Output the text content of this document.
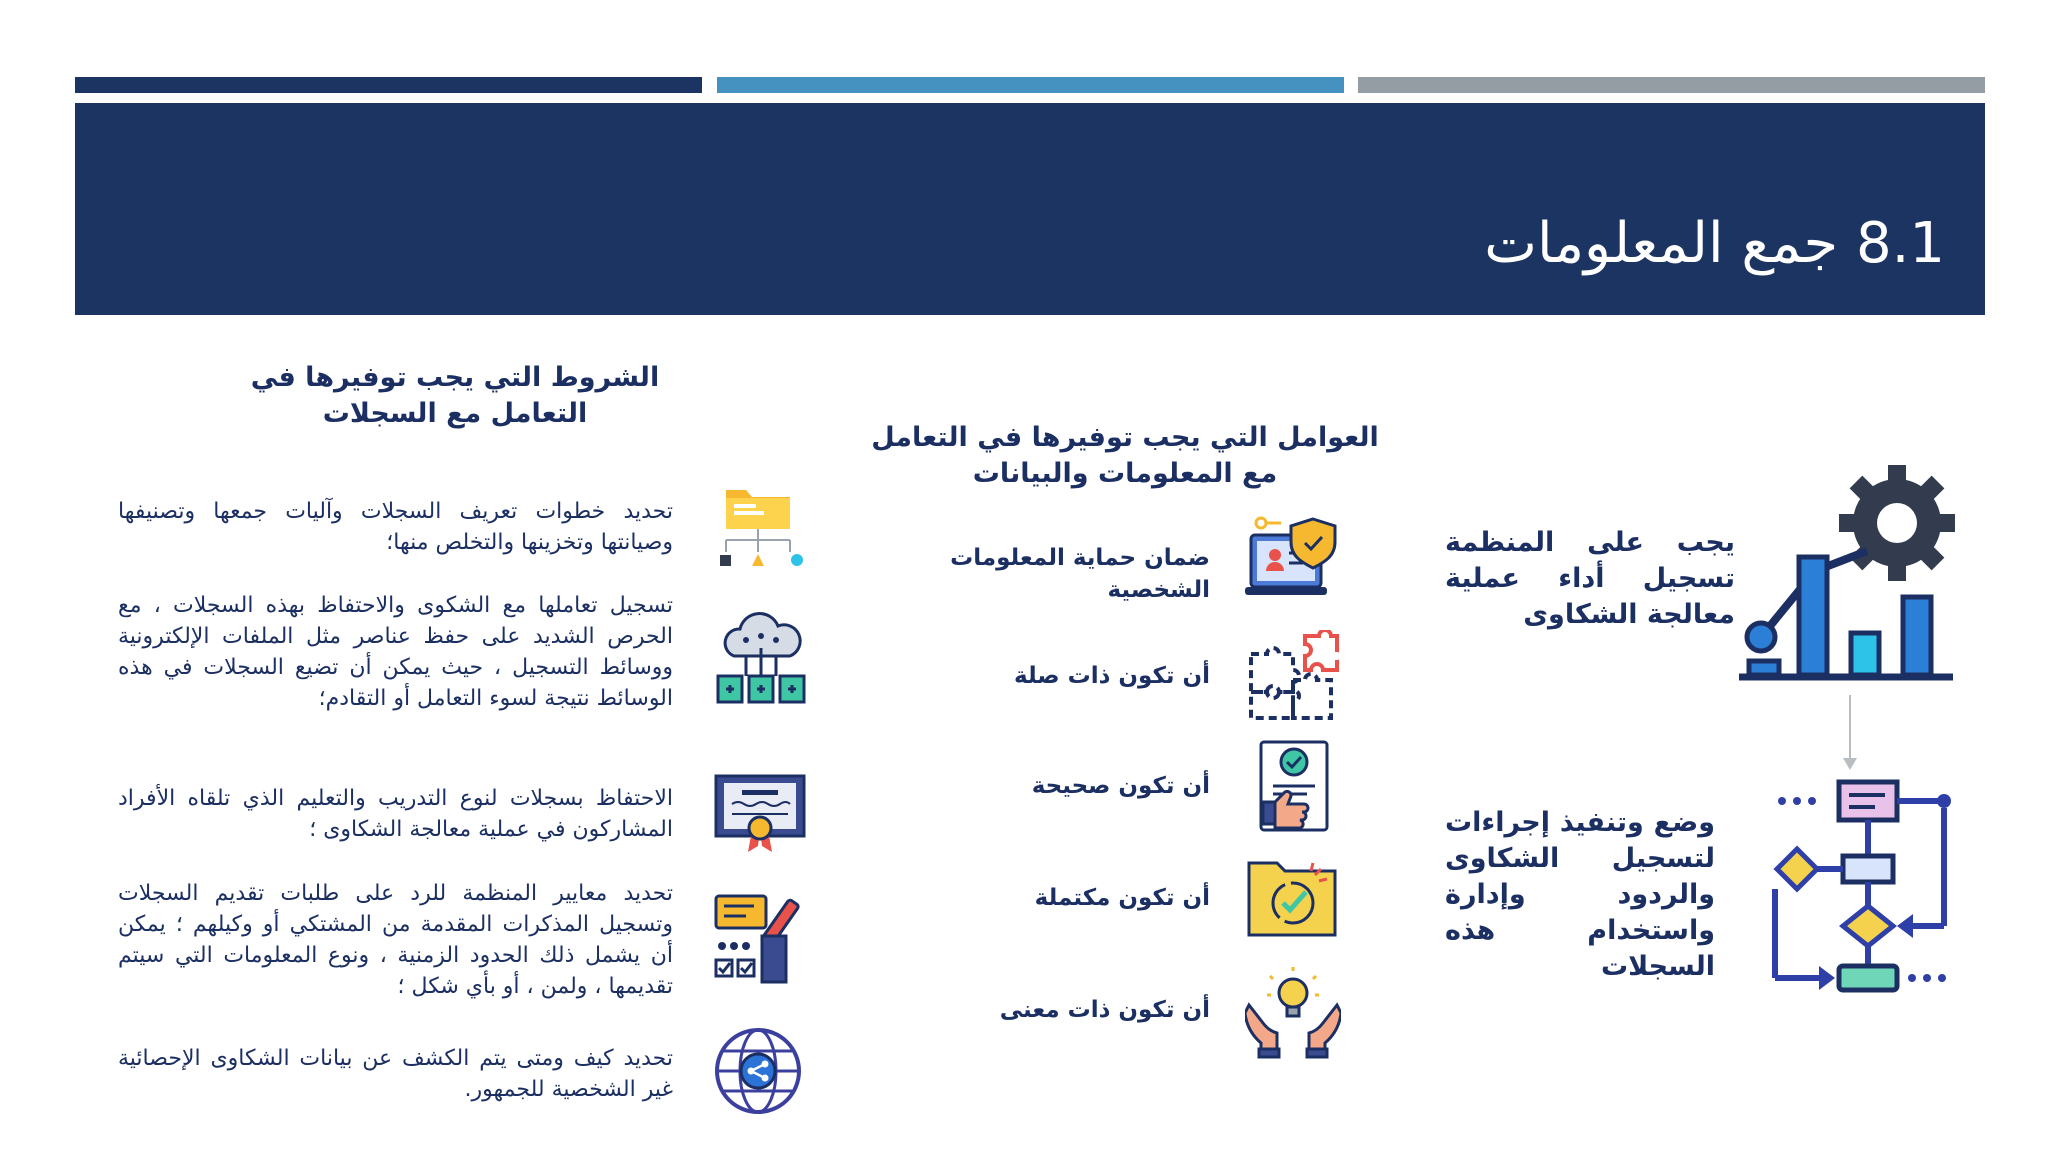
8.1 جمع المعلومات
الشروط التي يجب توفيرها في التعامل مع السجلات
العوامل التي يجب توفيرها في التعامل مع المعلومات والبيانات

تحديد خطوات تعريف السجلات وآليات جمعها وتصنيفها وصيانتها وتخزينها والتخلص منها؛

تسجيل تعاملها مع الشكوى والاحتفاظ بهذه السجلات ، مع الحرص الشديد على حفظ عناصر مثل الملفات الإلكترونية ووسائط التسجيل ، حيث يمكن أن تضيع السجلات في هذه الوسائط نتيجة لسوء التعامل أو التقادم؛

الاحتفاظ بسجلات لنوع التدريب والتعليم الذي تلقاه الأفراد المشاركون في عملية معالجة الشكاوى ؛

تحديد معايير المنظمة للرد على طلبات تقديم السجلات وتسجيل المذكرات المقدمة من المشتكي أو وكيلهم ؛ يمكن أن يشمل ذلك الحدود الزمنية ، ونوع المعلومات التي سيتم تقديمها ، ولمن ، أو بأي شكل ؛

تحديد كيف ومتى يتم الكشف عن بيانات الشكاوى الإحصائية غير الشخصية للجمهور.

ضمان حماية المعلومات الشخصية

أن تكون ذات صلة

أن تكون صحيحة

أن تكون مكتملة

أن تكون ذات معنى

يجب على المنظمة تسجيل أداء عملية معالجة الشكاوى

وضع وتنفيذ إجراءات لتسجيل الشكاوى والردود وإدارة واستخدام هذه السجلات
